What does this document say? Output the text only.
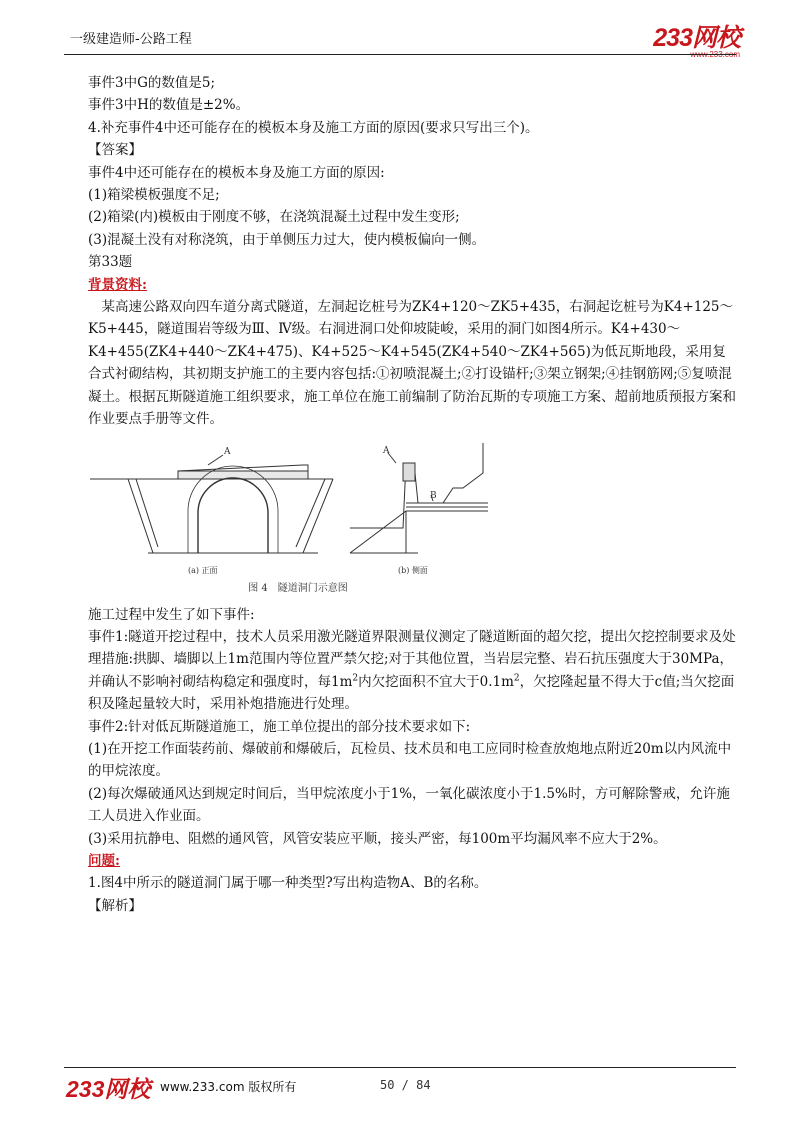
一级建造师-公路工程	233网校
www.233.com

事件3中G的数值是5;

事件3中H的数值是±2%。

4.补充事件4中还可能存在的模板本身及施工方面的原因(要求只写出三个)。

【答案】

事件4中还可能存在的模板本身及施工方面的原因:

(1)箱梁模板强度不足;

(2)箱梁(内)模板由于刚度不够，在浇筑混凝土过程中发生变形;

(3)混凝土没有对称浇筑，由于单侧压力过大，使内模板偏向一侧。

第33题

背景资料:

 某高速公路双向四车道分离式隧道，左洞起讫桩号为ZK4+120～ZK5+435，右洞起讫桩号为K4+125～K5+445，隧道围岩等级为Ⅲ、Ⅳ级。右洞进洞口处仰坡陡峻，采用的洞门如图4所示。K4+430～K4+455(ZK4+440～ZK4+475)、K4+525～K4+545(ZK4+540～ZK4+565)为低瓦斯地段，采用复合式衬砌结构，其初期支护施工的主要内容包括:①初喷混凝土;②打设锚杆;③架立钢架;④挂钢筋网;⑤复喷混凝土。根据瓦斯隧道施工组织要求，施工单位在施工前编制了防治瓦斯的专项施工方案、超前地质预报方案和作业要点手册等文件。

A
(a) 正面
A
B
(b) 侧面
图 4　隧道洞门示意图

施工过程中发生了如下事件:

事件1:隧道开挖过程中，技术人员采用激光隧道界限测量仪测定了隧道断面的超欠挖，提出欠挖控制要求及处理措施:拱脚、墙脚以上1m范围内等位置严禁欠挖;对于其他位置，当岩层完整、岩石抗压强度大于30MPa，并确认不影响衬砌结构稳定和强度时，每$1m^2$内欠挖面积不宜大于$0.1m^2$，欠挖隆起量不得大于c值;当欠挖面积及隆起量较大时，采用补炮措施进行处理。

事件2:针对低瓦斯隧道施工，施工单位提出的部分技术要求如下:

(1)在开挖工作面装药前、爆破前和爆破后，瓦检员、技术员和电工应同时检查放炮地点附近20m以内风流中的甲烷浓度。

(2)每次爆破通风达到规定时间后，当甲烷浓度小于1%，一氧化碳浓度小于1.5%时，方可解除警戒，允许施工人员进入作业面。

(3)采用抗静电、阻燃的通风管，风管安装应平顺，接头严密，每100m平均漏风率不应大于2%。

问题:

1.图4中所示的隧道洞门属于哪一种类型?写出构造物A、B的名称。

【解析】

233网校 www.233.com 版权所有	50 / 84
